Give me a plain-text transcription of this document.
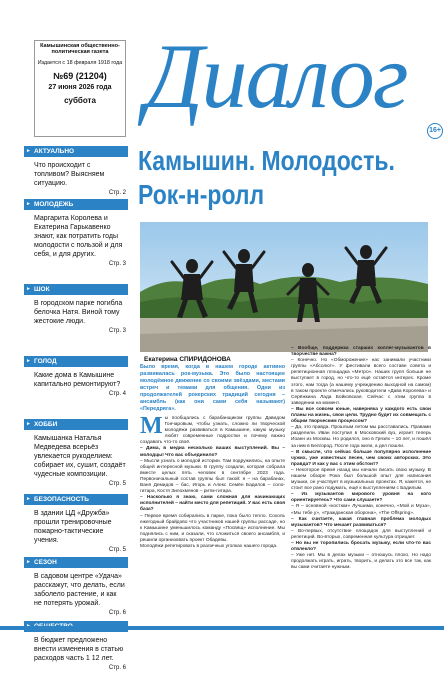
Камышинская общественно-политическая газета
Издается с 18 февраля 1918 года
№69 (21204)
27 июня 2026 года
суббота Диалог
16+
► АКТУАЛЬНО
Что происходит с топливом? Выясняем ситуацию.
Стр. 2
► МОЛОДЕЖЬ
Маргарита Королева и Екатерина Гарькавенко знают, как потратить годы молодости с пользой и для себя, и для других.
Стр. 3
► ШОК
В городском парке погибла белочка Натя. Виной тому жестокие люди.
Стр. 3
► ГОЛОД
Какие дома в Камышине капитально ремонтируют?
Стр. 4
► ХОББИ
Камышанка Наталья Медведева всерьёз увлекается рукоделием: собирает их, сушит, создаёт чудесные композиции.
Стр. 5
► БЕЗОПАСНОСТЬ
В здании ЦД «Дружба» прошли тренировочные пожарно-тактические учения.
Стр. 5
► СЕЗОН
В садовом центре «Удача» расскажут, что делать, если заболело растение, и как не потерять урожай.
Стр. 6
►
В бюджет предложено внести изменения в статью расходов часть 1 12 лет.
Стр. 6
Камышин. Молодость.
Рок-н-ролл
Екатерина СПИРИДОНОВА
Было время, когда в нашем городе активно развивалась рок-музыка. Это было настоящее молодёжное движение со своими звёздами, местами встреч и темами для общения. Одни из продолжателей рокерских традиций сегодня – ансамбль (как они сами себя называют) «Передряга».

Мы пообщались с барабанщиком группы Давидом Гончаровым, чтобы узнать, сложно ли творческой молодёжи развиваться в Камышине, какую музыку любят современные подростки и почему важно создавать что-то своё.

– Дима, в медиа несколько ваших выступлений. Вы – молодцы! Что вас объединило?

– Мысли узнать о молодой истории. Там подружились, на опыте общей интересной музыки. В группу создали, которая собрала вместе целых пять человек в сентябре 2023 года. Первоначальный состав группы был такой: я – на барабанах, Ваня Демидов – бас, Игорь и Алекс Семён Бадилов – соло-гитара, Костя Зилохмянов – ритм-гитара.

– Насколько я знаю, сами сложная для начинающих исполнителей – найти место для репетиций. У вас есть своя база?

– Первое время собирались в парке, пока было тепло. Сохоль ежегодный брайдово что участников нашей группы рассаде, но к Камышине уменьшилось команду «Посвящ» исполнение. Мы поднялись с ним, и сказали, что сложиться своего ансамбля, и решили организовать проект Обадевы.

Молодёжи репетировать в различных уголках нашего города.

– Вообще, поддержка старших коллег-музыкантов в творчестве важна?

– Конечно. Но «Обморожение» нас занимали участники группы «Абсолют». У фестивали всего составе совета и репетиционная площадка «Метро». Наших групп больше не выступает в город, но что-то ещё остаётся интерес. Кроме этого, нам тогда (а нашему учреждению выходной на самом) в таком проекте отмечались руководители «Дава Королева» и Серёжкина Лада Бойковская. Сейчас с этим группа в заведении на момент.

– Вы все совсем юные, наверняка у каждого есть свои планы на жизнь, свои цели. Трудно будет их совмещать с общим творческим процессом?

– Да, это правда. Прошлым летом мы расставались. Правами разделили. Иван поступил в Московский вуз, играет теперь Иоанн из Москвы. Но родился, оно в Грязях – 10 лет, и пошёл за ним в Белгород. После года жили, а дел пошли.

– В смысле, что сейчас больше популярно исполнение чужих, уже известных песен, чем своих авторских. Это правда? И как у вас с этим обстоит?

– Некоторое время назад мы начали писать свою музыку. В нашем обзоре Рока был большой опыт для написания музыки, он участвует в музыкальных проектах. Я, кажется, не стоит все рано подумать, ещё к выступлениям с Бадилым.

– Из музыкантов мирового уровня на кого ориентируетесь? Что сами слушаете?

– Я – основной «костюм» Лучшими, конечно, «Мой и Муза», «Мы тебе у», «Гражданская оборона», «The Offspring».

– Как считаете, какая главная проблема молодых музыкантов? Что мешает развиваться?

– Во-первых, отсутствие площадок для выступлений и репетиций. Во-вторых, современная культура отрицает.

– Но вы не торопились бросать музыку, если что-то вас отвлекло?

– Уже нет. Мы в делах музыки – отношусь плохо. Но надо продолжать играть, играть, творить, и делать это все так, как вы сами считаете нужным.
